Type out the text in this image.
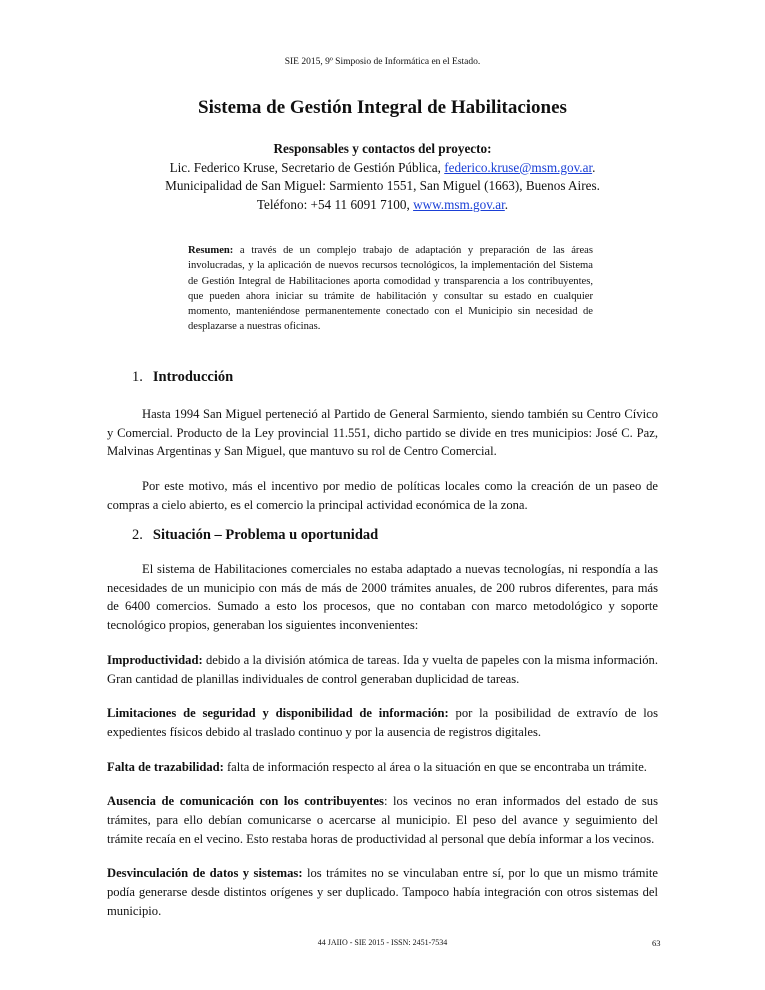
SIE 2015, 9º Simposio de Informática en el Estado.
Sistema de Gestión Integral de Habilitaciones
Responsables y contactos del proyecto:
Lic. Federico Kruse, Secretario de Gestión Pública, federico.kruse@msm.gov.ar.
Municipalidad de San Miguel: Sarmiento 1551, San Miguel (1663), Buenos Aires.
Teléfono: +54 11 6091 7100, www.msm.gov.ar.
Resumen: a través de un complejo trabajo de adaptación y preparación de las áreas involucradas, y la aplicación de nuevos recursos tecnológicos, la implementación del Sistema de Gestión Integral de Habilitaciones aporta comodidad y transparencia a los contribuyentes, que pueden ahora iniciar su trámite de habilitación y consultar su estado en cualquier momento, manteniéndose permanentemente conectado con el Municipio sin necesidad de desplazarse a nuestras oficinas.
1. Introducción

Hasta 1994 San Miguel perteneció al Partido de General Sarmiento, siendo también su Centro Cívico y Comercial. Producto de la Ley provincial 11.551, dicho partido se divide en tres municipios: José C. Paz, Malvinas Argentinas y San Miguel, que mantuvo su rol de Centro Comercial.

Por este motivo, más el incentivo por medio de políticas locales como la creación de un paseo de compras a cielo abierto, es el comercio la principal actividad económica de la zona.

2. Situación – Problema u oportunidad

El sistema de Habilitaciones comerciales no estaba adaptado a nuevas tecnologías, ni respondía a las necesidades de un municipio con más de más de 2000 trámites anuales, de 200 rubros diferentes, para más de 6400 comercios. Sumado a esto los procesos, que no contaban con marco metodológico y soporte tecnológico propios, generaban los siguientes inconvenientes:

Improductividad: debido a la división atómica de tareas. Ida y vuelta de papeles con la misma información. Gran cantidad de planillas individuales de control generaban duplicidad de tareas.

Limitaciones de seguridad y disponibilidad de información: por la posibilidad de extravío de los expedientes físicos debido al traslado continuo y por la ausencia de registros digitales.

Falta de trazabilidad: falta de información respecto al área o la situación en que se encontraba un trámite.

Ausencia de comunicación con los contribuyentes: los vecinos no eran informados del estado de sus trámites, para ello debían comunicarse o acercarse al municipio. El peso del avance y seguimiento del trámite recaía en el vecino. Esto restaba horas de productividad al personal que debía informar a los vecinos.

Desvinculación de datos y sistemas: los trámites no se vinculaban entre sí, por lo que un mismo trámite podía generarse desde distintos orígenes y ser duplicado. Tampoco había integración con otros sistemas del municipio.

44 JAIIO - SIE 2015 - ISSN: 2451-7534	63
